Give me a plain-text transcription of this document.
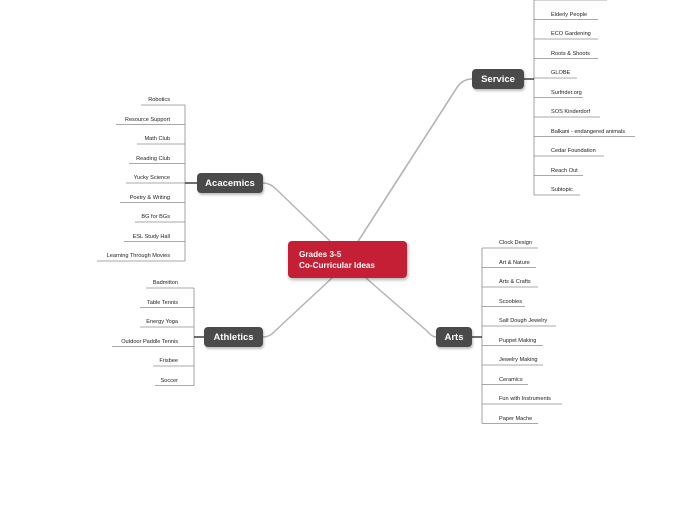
Grades 3-5
Co-Curricular Ideas
Service
Acacemics
Athletics	Arts
Elderly People
ECO Gardening
Roots & Shoots
GLOBE
Surfrider.org
SOS Kinderdorf
Balkani - endangered animals
Cedar Foundation
Reach Out
Subtopic
Robotics
Resource Support
Math Club
Reading Club
Yucky Science
Poetry & Writing
BG for BGs
ESL Study Hall
Learning Through Movies
Badmitton
Table Tennis
Energy Yoga
Outdoor Paddle Tennis
Frisbee
Soccer
Clock Design
Art & Nature
Arts & Crafts
Scoobies
Salt Dough Jewelry
Puppet Making
Jewelry Making
Ceramics
Fun with Instruments
Paper Mache
